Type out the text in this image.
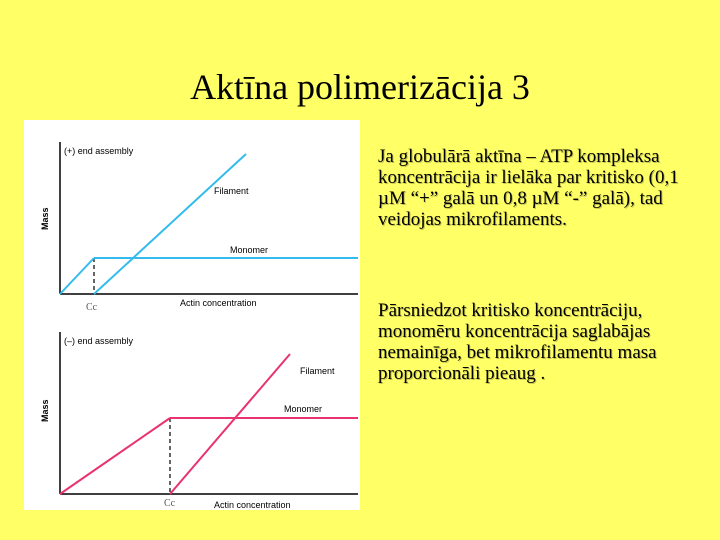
Aktīna polimerizācija 3
(+) end assembly
Mass
Actin concentration
Cc
Filament
Monomer
(–) end assembly
Mass
Actin concentration
Cc
Filament
Monomer
Ja globulārā aktīna – ATP kompleksa koncentrācija ir lielāka par kritisko (0,1 µM “+” galā un 0,8 µM “-” galā), tad veidojas mikrofilaments.
Pārsniedzot kritisko koncentrāciju, monomēru koncentrācija saglabājas nemainīga, bet mikrofilamentu masa proporcionāli pieaug .
